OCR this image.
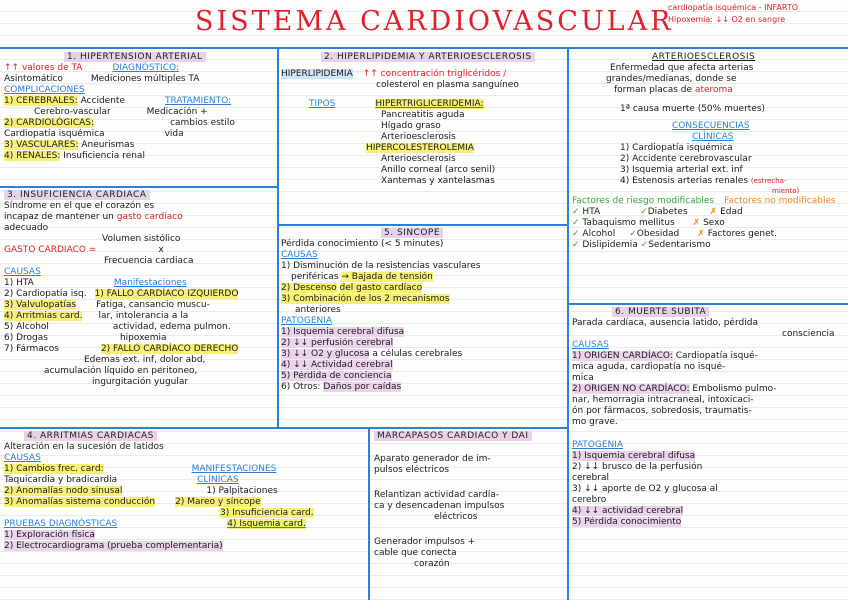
SISTEMA CARDIOVASCULAR
cardiopatía isquémica - INFARTO
Hipoxemia: ↓↓ O2 en sangre
1. HIPERTENSIÓN ARTERIAL
↑↑ valores de TA	DIAGNÓSTICO:
Asintomático	Mediciones múltiples TA
COMPLICACIONES
1) CEREBRALES: Accidente	TRATAMIENTO:
Cerebro-vascular	Medicación +
2) CARDIOLÓGICAS:	cambios estilo
Cardiopatía isquémica	vida
3) VASCULARES: Aneurismas
4) RENALES: Insuficiencia renal
2. HIPERLIPIDEMIA Y ARTERIOESCLEROSIS
HIPERLIPIDEMIA ↑↑ concentración triglicéridos /
colesterol en plasma sanguíneo
TIPOS	HIPERTRIGLICERIDEMIA:
Pancreatitis aguda
Hígado graso
Arterioesclerosis
HIPERCOLESTEROLEMIA
Arterioesclerosis
Anillo corneal (arco senil)
Xantemas y xantelasmas
ARTERIOESCLEROSIS
Enfermedad que afecta arterias
grandes/medianas, donde se
forman placas de ateroma
1ª causa muerte (50% muertes)
CONSECUENCIAS
CLÍNICAS
1) Cardiopatía isquémica
2) Accidente cerebrovascular
3) Isquemia arterial ext. inf
4) Estenosis arterias renales (estrecha-
miento)
Factores de riesgo modificables Factores no modificables
✓ HTA	✓Diabetes ✗ Edad
✓ Tabaquismo mellitus ✗ Sexo
✓ Alcohol ✓Obesidad ✗ Factores genet.
✓ Dislipidemia ✓Sedentarismo
3. INSUFICIENCIA CARDIACA
Síndrome en el que el corazón es
incapaz de mantener un gasto cardíaco
adecuado
Volumen sistólico
GASTO CARDIACO =	x
Frecuencia cardiaca
CAUSAS
1) HTA	Manifestaciones
2) Cardiopatía isq. 1) FALLO CARDÍACO IZQUIERDO
3) Valvulopatías Fatiga, cansancio muscu-
4) Arritmias card. lar, intolerancia a la
5) Alcohol	actividad, edema pulmon.
6) Drogas	hipoxemia
7) Fármacos	2) FALLO CARDÍACO DERECHO
Edemas ext. inf, dolor abd,
acumulación líquido en peritoneo,
ingurgitación yugular
5. SÍNCOPE
Pérdida conocimiento (< 5 minutes)
CAUSAS
1) Disminución de la resistencias vasculares
periféricas → Bajada de tensión
2) Descenso del gasto cardíaco
3) Combinación de los 2 mecanismos
anteriores
PATOGENIA
1) Isquemia cerebral difusa
2) ↓↓ perfusión cerebral
3) ↓↓ O2 y glucosa a células cerebrales
4) ↓↓ Actividad cerebral
5) Pérdida de conciencia
6) Otros: Daños por caídas
6. MUERTE SÚBITA
Parada cardíaca, ausencia latido, pérdida
consciencia
CAUSAS
1) ORIGEN CARDÍACO: Cardiopatía isqué-
mica aguda, cardiopatía no isqué-
mica
2) ORIGEN NO CARDÍACO: Embolismo pulmo-
nar, hemorragia intracraneal, intoxicaci-
ón por fármacos, sobredosis, traumatis-
mo grave.
PATOGENIA
1) Isquemia cerebral difusa
2) ↓↓ brusco de la perfusión
cerebral
3) ↓↓ aporte de O2 y glucosa al
cerebro
4) ↓↓ actividad cerebral
5) Pérdida conocimiento
4. ARRITMIAS CARDIACAS
Alteración en la sucesión de latidos
CAUSAS
1) Cambios frec. card:	MANIFESTACIONES
Taquicardia y bradicardia	CLÍNICAS
2) Anomalías nodo sinusal	1) Palpitaciones
3) Anomalías sistema conducción 2) Mareo y síncope
3) Insuficiencia card.
PRUEBAS DIAGNÓSTICAS	4) Isquemia card.
1) Exploración física
2) Electrocardiograma (prueba complementaria)
MARCAPASOS CARDÍACO Y DAI
Aparato generador de im-
pulsos eléctricos
Relantizan actividad cardía-
ca y desencadenan impulsos
eléctricos
Generador impulsos +
cable que conecta
corazón
